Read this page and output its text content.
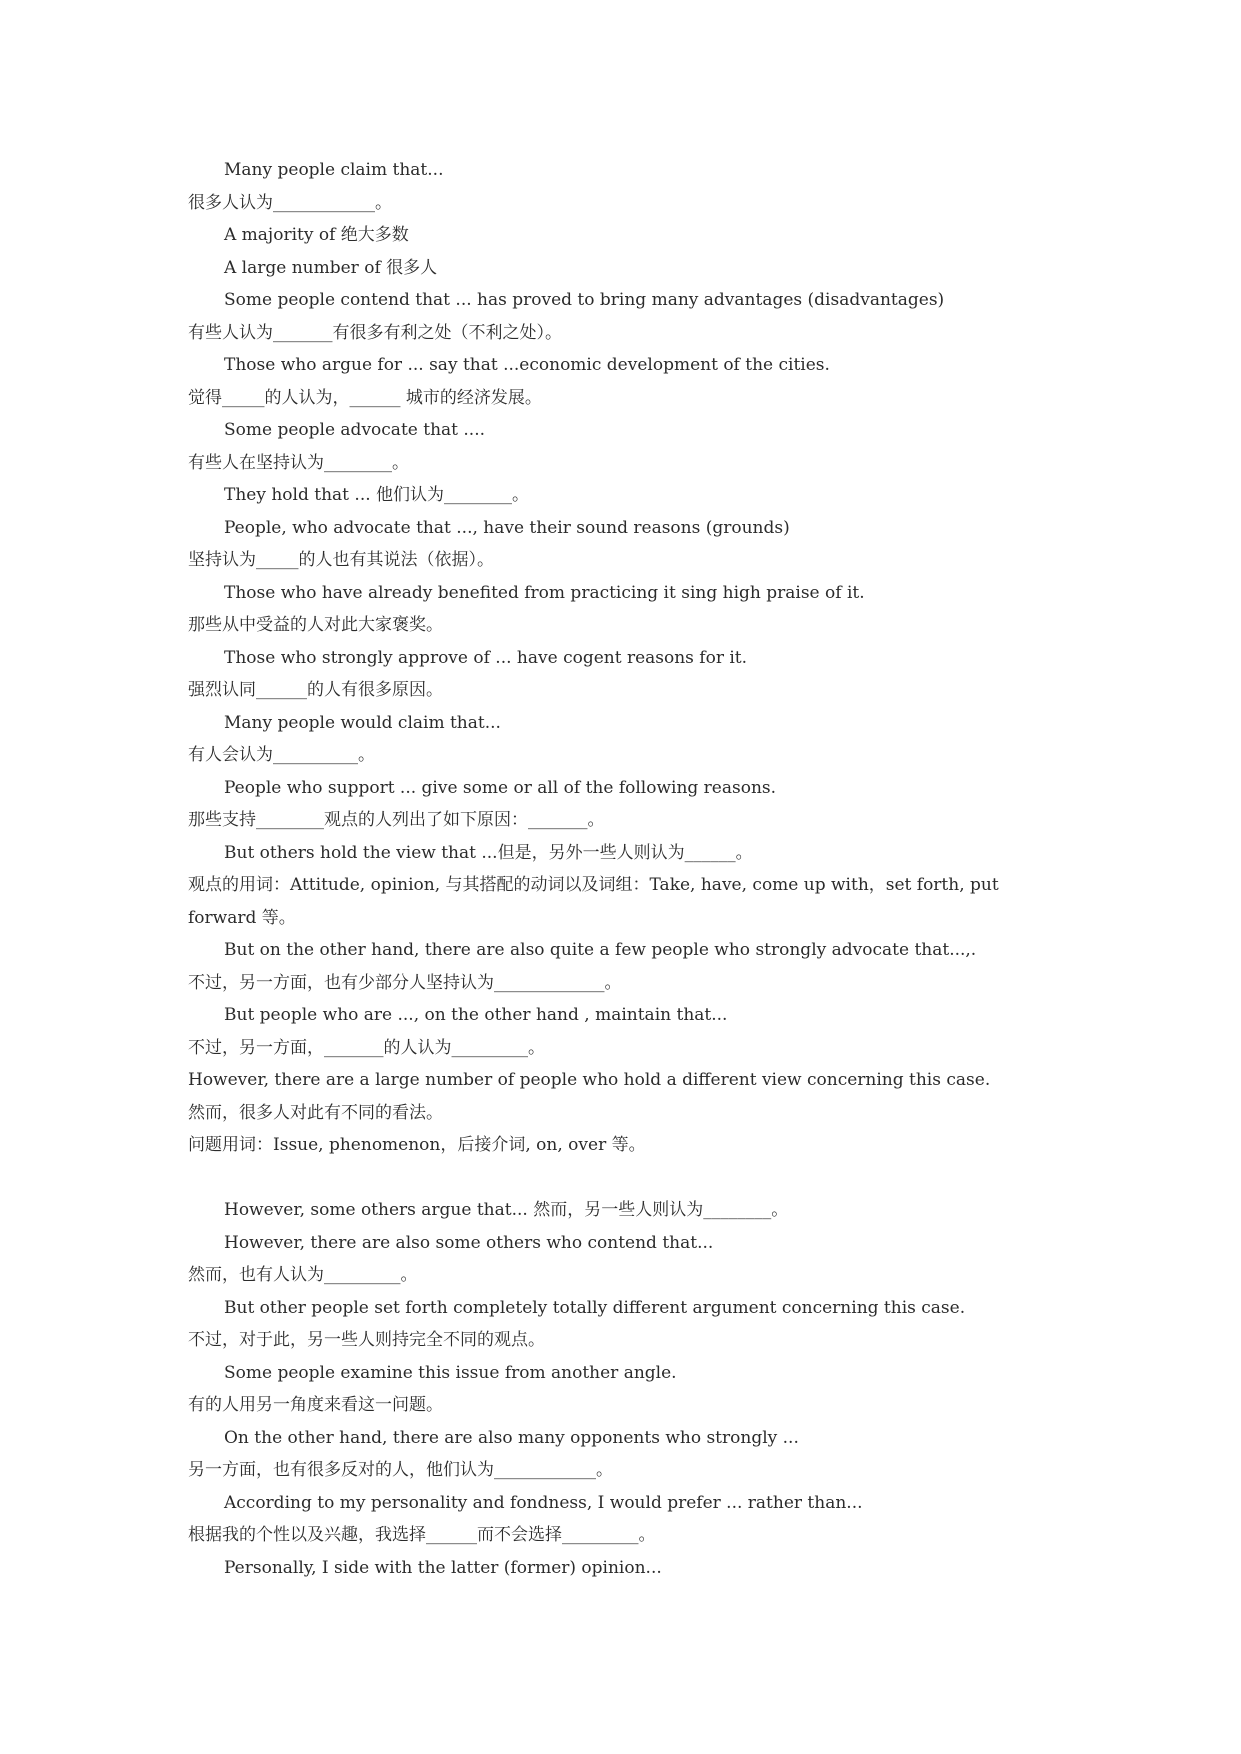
Many people claim that...
很多人认为____________。
A majority of 绝大多数
A large number of 很多人
Some people contend that ... has proved to bring many advantages (disadvantages)
有些人认为_______有很多有利之处（不利之处）。
Those who argue for ... say that ...economic development of the cities.
觉得_____的人认为，______ 城市的经济发展。
Some people advocate that ....
有些人在坚持认为________。
They hold that ... 他们认为________。
People, who advocate that ..., have their sound reasons (grounds)
坚持认为_____的人也有其说法（依据）。
Those who have already benefited from practicing it sing high praise of it.
那些从中受益的人对此大家褒奖。
Those who strongly approve of ... have cogent reasons for it.
强烈认同______的人有很多原因。
Many people would claim that...
有人会认为__________。
People who support ... give some or all of the following reasons.
那些支持________观点的人列出了如下原因：_______。
But others hold the view that ...但是，另外一些人则认为______。
观点的用词：Attitude, opinion, 与其搭配的动词以及词组：Take, have, come up with，set forth, put forward 等。
But on the other hand, there are also quite a few people who strongly advocate that...,.
不过，另一方面，也有少部分人坚持认为_____________。
But people who are ..., on the other hand , maintain that...
不过，另一方面，_______的人认为_________。
However, there are a large number of people who hold a different view concerning this case.
然而，很多人对此有不同的看法。
问题用词：Issue, phenomenon，后接介词, on, over 等。
However, some others argue that... 然而，另一些人则认为________。
However, there are also some others who contend that...
然而，也有人认为_________。
But other people set forth completely totally different argument concerning this case.
不过，对于此，另一些人则持完全不同的观点。
Some people examine this issue from another angle.
有的人用另一角度来看这一问题。
On the other hand, there are also many opponents who strongly ...
另一方面，也有很多反对的人，他们认为____________。
According to my personality and fondness, I would prefer ... rather than...
根据我的个性以及兴趣，我选择______而不会选择_________。
Personally, I side with the latter (former) opinion...
